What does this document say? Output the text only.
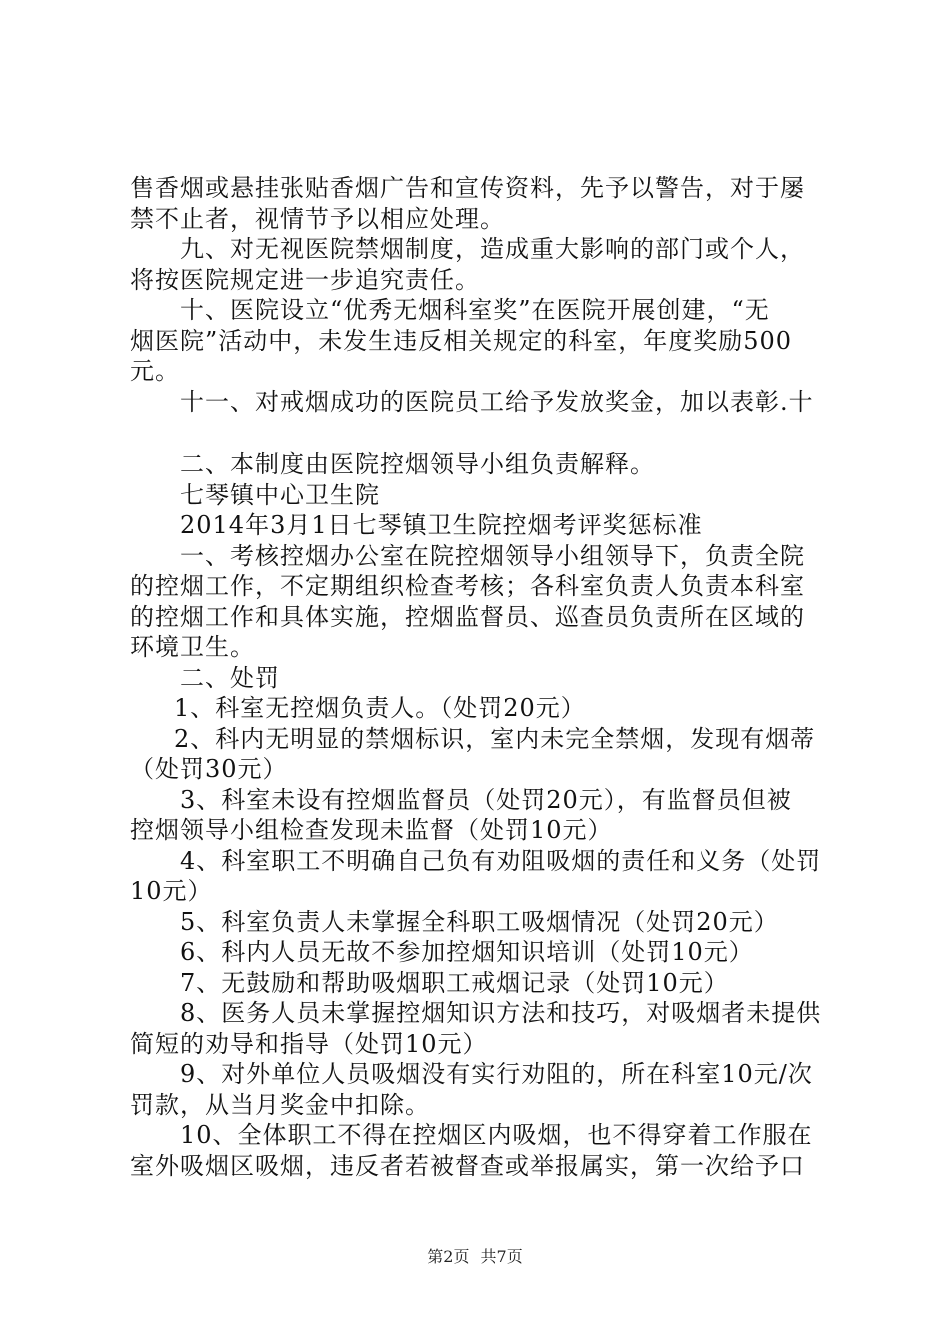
售香烟或悬挂张贴香烟广告和宣传资料，先予以警告，对于屡
禁不止者，视情节予以相应处理。
九、对无视医院禁烟制度，造成重大影响的部门或个人，
将按医院规定进一步追究责任。
十、医院设立“优秀无烟科室奖”在医院开展创建，“无
烟医院”活动中，未发生违反相关规定的科室，年度奖励500
元。
十一、对戒烟成功的医院员工给予发放奖金，加以表彰.十
二、本制度由医院控烟领导小组负责解释。
七琴镇中心卫生院
2014年3月1日七琴镇卫生院控烟考评奖惩标准
一、考核控烟办公室在院控烟领导小组领导下，负责全院
的控烟工作，不定期组织检查考核；各科室负责人负责本科室
的控烟工作和具体实施，控烟监督员、巡查员负责所在区域的
环境卫生。
二、处罚
1、科室无控烟负责人。（处罚20元）
2、科内无明显的禁烟标识，室内未完全禁烟，发现有烟蒂
（处罚30元）
3、科室未设有控烟监督员（处罚20元），有监督员但被
控烟领导小组检查发现未监督（处罚10元）
4、科室职工不明确自己负有劝阻吸烟的责任和义务（处罚
10元）
5、科室负责人未掌握全科职工吸烟情况（处罚20元）
6、科内人员无故不参加控烟知识培训（处罚10元）
7、无鼓励和帮助吸烟职工戒烟记录（处罚10元）
8、医务人员未掌握控烟知识方法和技巧，对吸烟者未提供
简短的劝导和指导（处罚10元）
9、对外单位人员吸烟没有实行劝阻的，所在科室10元/次
罚款，从当月奖金中扣除。
10、全体职工不得在控烟区内吸烟，也不得穿着工作服在
室外吸烟区吸烟，违反者若被督查或举报属实，第一次给予口
第2页 共7页
